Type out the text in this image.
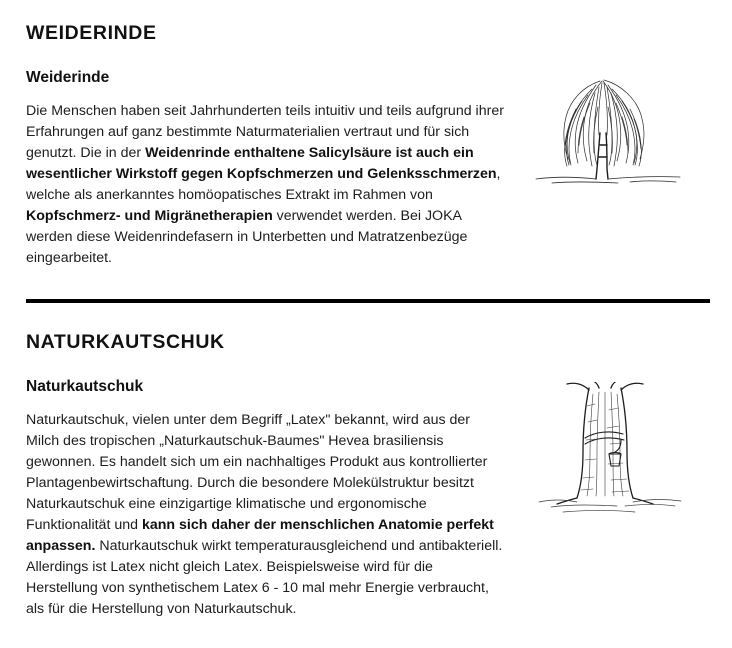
WEIDERINDE
Weiderinde

Die Menschen haben seit Jahrhunderten teils intuitiv und teils aufgrund ihrer Erfahrungen auf ganz bestimmte Naturmaterialien vertraut und für sich genutzt. Die in der Weidenrinde enthaltene Salicylsäure ist auch ein wesentlicher Wirkstoff gegen Kopfschmerzen und Gelenksschmerzen, welche als anerkanntes homöopatisches Extrakt im Rahmen von Kopfschmerz- und Migränetherapien verwendet werden. Bei JOKA werden diese Weidenrindefasern in Unterbetten und Matratzenbezüge eingearbeitet.

NATURKAUTSCHUK
Naturkautschuk

Naturkautschuk, vielen unter dem Begriff „Latex" bekannt, wird aus der Milch des tropischen „Naturkautschuk-Baumes" Hevea brasiliensis gewonnen. Es handelt sich um ein nachhaltiges Produkt aus kontrollierter Plantagenbewirtschaftung. Durch die besondere Molekülstruktur besitzt Naturkautschuk eine einzigartige klimatische und ergonomische Funktionalität und kann sich daher der menschlichen Anatomie perfekt anpassen. Naturkautschuk wirkt temperaturausgleichend und antibakteriell. Allerdings ist Latex nicht gleich Latex. Beispielsweise wird für die Herstellung von synthetischem Latex 6 - 10 mal mehr Energie verbraucht, als für die Herstellung von Naturkautschuk.
